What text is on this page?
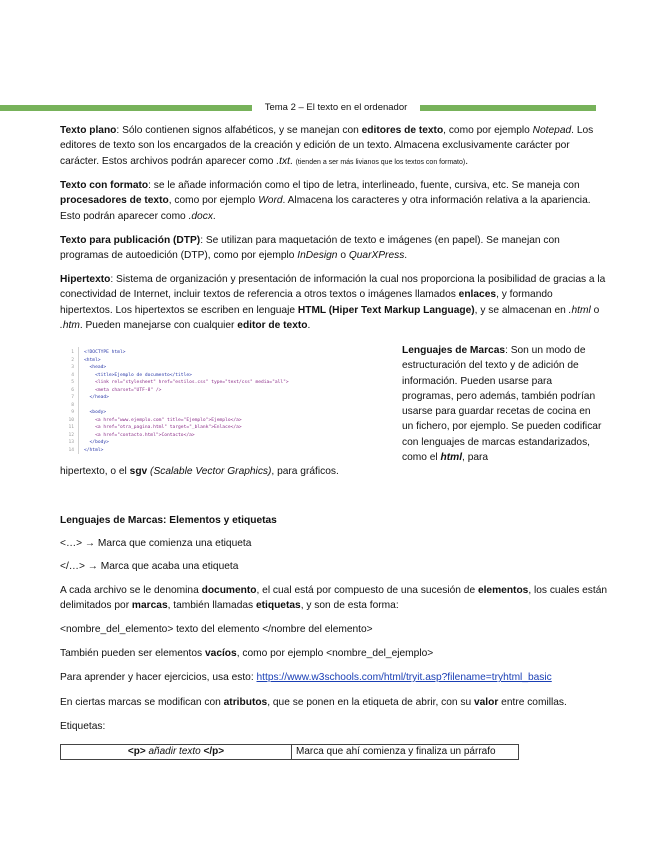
Tema 2 – El texto en el ordenador

Texto plano: Sólo contienen signos alfabéticos, y se manejan con editores de texto, como por ejemplo Notepad. Los editores de texto son los encargados de la creación y edición de un texto. Almacena exclusivamente carácter por carácter. Estos archivos podrán aparecer como .txt. (tienden a ser más livianos que los textos con formato).

Texto con formato: se le añade información como el tipo de letra, interlineado, fuente, cursiva, etc. Se maneja con procesadores de texto, como por ejemplo Word. Almacena los caracteres y otra información relativa a la apariencia. Esto podrán aparecer como .docx.

Texto para publicación (DTP): Se utilizan para maquetación de texto e imágenes (en papel). Se manejan con programas de autoedición (DTP), como por ejemplo InDesign o QuarXPress.

Hipertexto: Sistema de organización y presentación de información la cual nos proporciona la posibilidad de gracias a la conectividad de Internet, incluir textos de referencia a otros textos o imágenes llamados enlaces, y formando hipertextos. Los hipertextos se escriben en lenguaje HTML (Hiper Text Markup Language), y se almacenan en .html o .htm. Pueden manejarse con cualquier editor de texto.

1 <!DOCTYPE html>
2 <html>
3 <head>
4 <title>Ejemplo de documento</title>
5 <link rel="stylesheet" href="estilos.css" type="text/css" media="all">
6 <meta charset="UTF-8" />
7 </head>
8
9 <body>
10 <a href="www.ejemplo.com" title="Ejemplo">Ejemplo</a>
11 <a href="otra_pagina.html" target="_blank">Enlace</a>
12 <a href="contacto.html">Contacto</a>
13 </body>
14 </html>
Lenguajes de Marcas: Son un modo de estructuración del texto y de adición de información. Pueden usarse para programas, pero además, también podrían usarse para guardar recetas de cocina en un fichero, por ejemplo. Se pueden codificar con lenguajes de marcas estandarizados, como el html, para

hipertexto, o el sgv (Scalable Vector Graphics), para gráficos.

Lenguajes de Marcas: Elementos y etiquetas

<…> → Marca que comienza una etiqueta

</…> → Marca que acaba una etiqueta

A cada archivo se le denomina documento, el cual está por compuesto de una sucesión de elementos, los cuales están delimitados por marcas, también llamadas etiquetas, y son de esta forma:

<nombre_del_elemento> texto del elemento </nombre del elemento>

También pueden ser elementos vacíos, como por ejemplo <nombre_del_ejemplo>

Para aprender y hacer ejercicios, usa esto: https://www.w3schools.com/html/tryit.asp?filename=tryhtml_basic

En ciertas marcas se modifican con atributos, que se ponen en la etiqueta de abrir, con su valor entre comillas.

Etiquetas:

<p> añadir texto </p>	Marca que ahí comienza y finaliza un párrafo
